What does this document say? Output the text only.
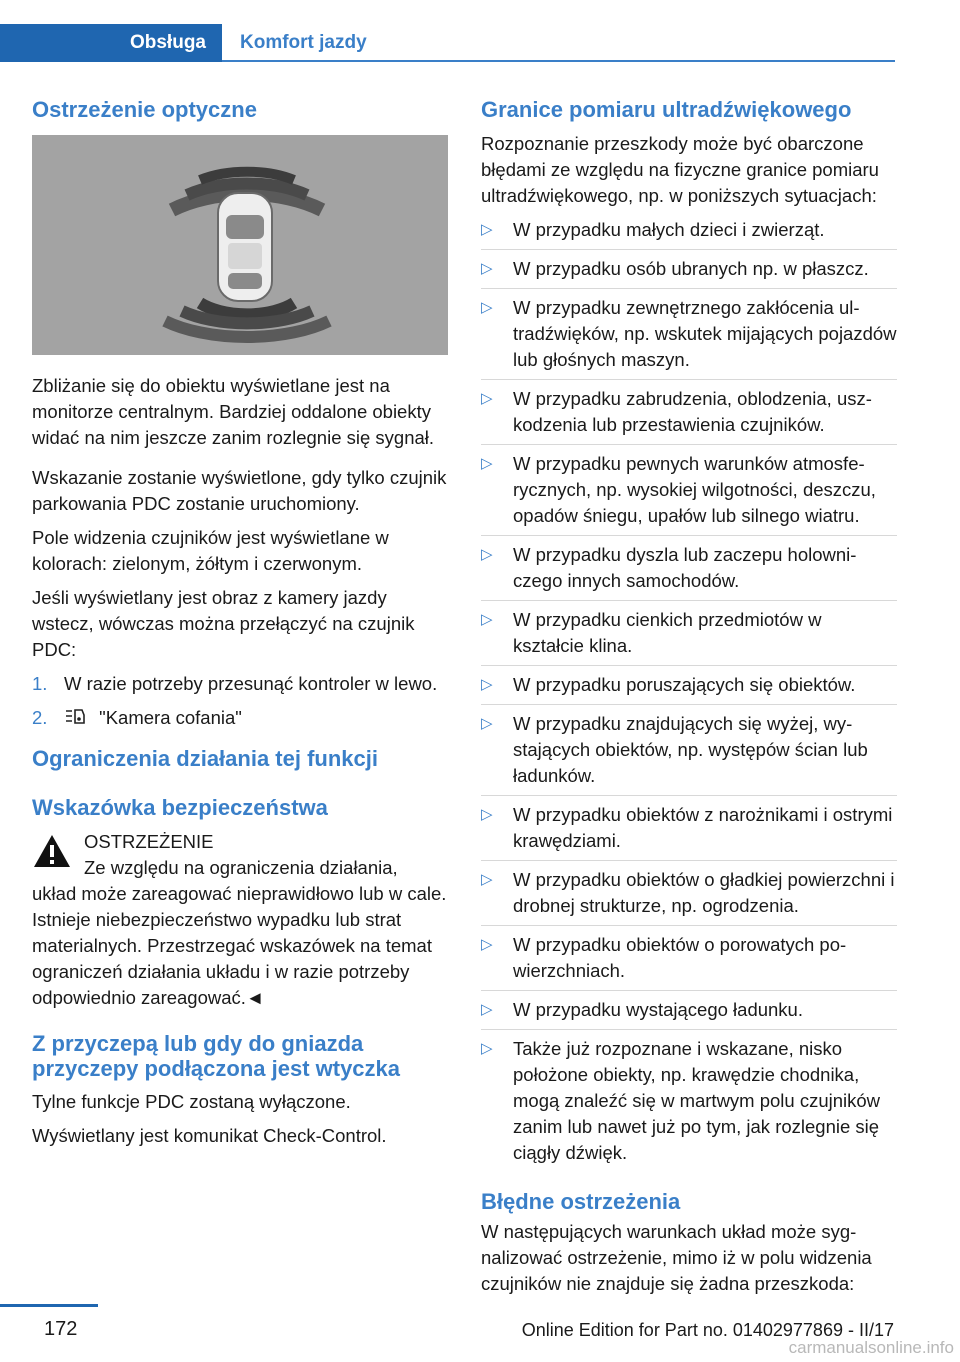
Obsługa	Komfort jazdy
Ostrzeżenie optyczne

Zbliżanie się do obiektu wyświetlane jest na monitorze centralnym. Bardziej oddalone obiekty widać na nim jeszcze zanim rozlegnie się sygnał.

Wskazanie zostanie wyświetlone, gdy tylko czujnik parkowania PDC zostanie uruchomiony.

Pole widzenia czujników jest wyświetlane w kolorach: zielonym, żółtym i czerwonym.

Jeśli wyświetlany jest obraz z kamery jazdy wstecz, wówczas można przełączyć na czujnik PDC:

1. W razie potrzeby przesunąć kontroler w lewo.
2.	"Kamera cofania"
Ograniczenia działania tej funkcji
Wskazówka bezpieczeństwa
OSTRZEŻENIE

Ze względu na ograniczenia działania,
układ może zareagować nieprawidłowo lub w cale. Istnieje niebezpieczeństwo wypadku lub strat materialnych. Przestrzegać wskazówek na temat ograniczeń działania układu i w razie potrzeby odpowiednio zareagować.◄

Z przyczepą lub gdy do gniazda przyczepy podłączona jest wtyczka

Tylne funkcje PDC zostaną wyłączone.

Wyświetlany jest komunikat Check-Control.

Granice pomiaru ultradźwiękowego

Rozpoznanie przeszkody może być obarczone błędami ze względu na fizyczne granice pomiaru ultradźwiękowego, np. w poniższych sytuacjach:

▷ W przypadku małych dzieci i zwierząt.
▷ W przypadku osób ubranych np. w płaszcz.
▷ W przypadku zewnętrznego zakłócenia ultradźwięków, np. wskutek mijających pojazdów lub głośnych maszyn.
▷ W przypadku zabrudzenia, oblodzenia, uszkodzenia lub przestawienia czujników.
▷ W przypadku pewnych warunków atmosferycznych, np. wysokiej wilgotności, deszczu, opadów śniegu, upałów lub silnego wiatru.
▷ W przypadku dyszla lub zaczepu holowniczego innych samochodów.
▷ W przypadku cienkich przedmiotów w kształcie klina.
▷ W przypadku poruszających się obiektów.
▷ W przypadku znajdujących się wyżej, wystających obiektów, np. występów ścian lub ładunków.
▷ W przypadku obiektów z narożnikami i ostrymi krawędziami.
▷ W przypadku obiektów o gładkiej powierzchni i drobnej strukturze, np. ogrodzenia.
▷ W przypadku obiektów o porowatych powierzchniach.
▷ W przypadku wystającego ładunku.
▷ Także już rozpoznane i wskazane, nisko położone obiekty, np. krawędzie chodnika, mogą znaleźć się w martwym polu czujników zanim lub nawet już po tym, jak rozlegnie się ciągły dźwięk.
Błędne ostrzeżenia

W następujących warunkach układ może sygnalizować ostrzeżenie, mimo iż w polu widzenia czujników nie znajduje się żadna przeszkoda:

172	Online Edition for Part no. 01402977869 - II/17
carmanualsonline.info
